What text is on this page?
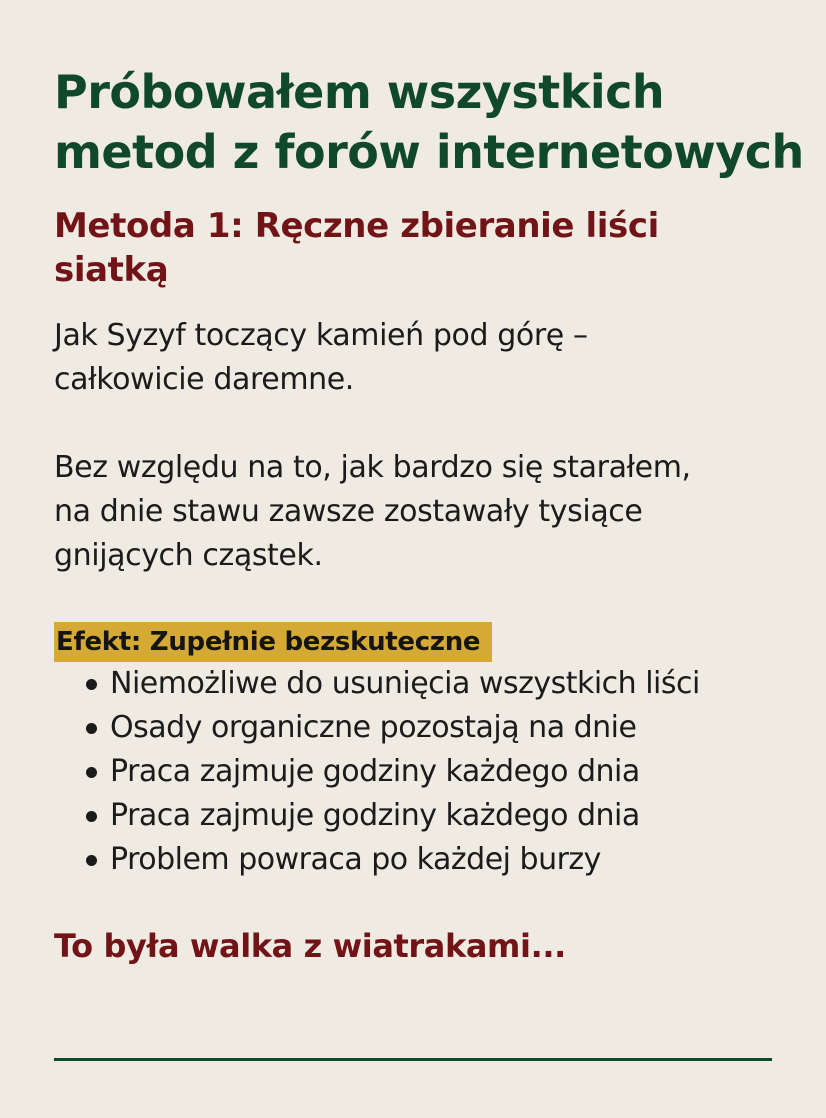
Próbowałem wszystkich
metod z forów internetowych
Metoda 1: Ręczne zbieranie liści
siatką

Jak Syzyf toczący kamień pod górę –
całkowicie daremne.

Bez względu na to, jak bardzo się starałem,
na dnie stawu zawsze zostawały tysiące
gnijących cząstek.

Efekt: Zupełnie bezskuteczne
Niemożliwe do usunięcia wszystkich liści
Osady organiczne pozostają na dnie
Praca zajmuje godziny każdego dnia
Praca zajmuje godziny każdego dnia
Problem powraca po każdej burzy

To była walka z wiatrakami...
